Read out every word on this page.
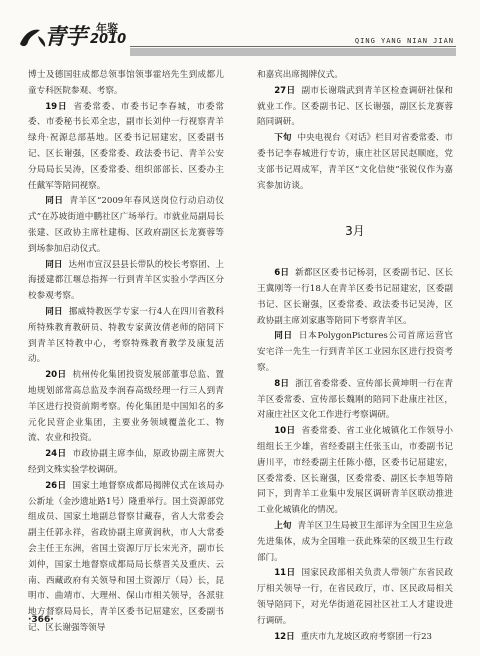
青芋 年鉴
2010	QING YANG NIAN JIAN

博士及德国驻成都总领事馆领事霍培先生到成都儿童专科医院参观、考察。

19日 省委常委、市委书记李春城，市委常委、市委秘书长邓全忠，副市长刘仲一行视察青羊绿舟·祝源总部基地。区委书记屈建宏，区委副书记、区长谢强，区委常委、政法委书记、青羊公安分局局长吴涛，区委常委、组织部部长、区委办主任戴军等陪同视察。

同日 青羊区“2009年春风送岗位行动启动仪式”在苏坡街道中鹏社区广场举行。市就业局副局长张建、区政协主席杜建梅、区政府副区长龙赛蓉等到场参加启动仪式。

同日 达州市宣汉县县长带队的校长考察团、上海援建都江堰总指挥一行到青羊区实验小学西区分校参观考察。

同日 挪威特教医学专家一行4人在四川省教科所特殊教育教研员、特教专家黄汝倩老师的陪同下到青羊区特教中心，考察特殊教育教学及康复活动。

20日 杭州传化集团投资发展部董事总监、置地规划部常高总监及李润春高级经理一行三人到青羊区进行投资前期考察。传化集团是中国知名的多元化民营企业集团，主要业务领域覆盖化工、物流、农业和投资。

24日 市政协副主席李仙，原政协副主席贺大经到文殊实验学校调研。

26日 国家土地督察成都局揭牌仪式在该局办公新址（金沙遗址路1号）隆重举行。国土资源部党组成员、国家土地副总督察甘藏春，省人大常委会副主任郭永祥，省政协副主席黄润秋，市人大常委会主任王东洲，省国土资源厅厅长宋光齐，副市长刘仲，国家土地督察成都局局长蔡晋关及重庆、云南、西藏政府有关领导和国土资源厅（局）长，昆明市、曲靖市、大理州、保山市相关领导，各派驻地方督察局局长，青羊区委书记屈建宏，区委副书记、区长谢强等领导

和嘉宾出席揭牌仪式。

27日 副市长谢瑞武到青羊区检查调研社保和就业工作。区委副书记、区长谢强，副区长龙赛蓉陪同调研。

下旬 中央电视台《对话》栏目对省委常委、市委书记李春城进行专访，康庄社区居民赵顺庭，党支部书记周成军，青羊区“文化信使”张锐仪作为嘉宾参加访谈。

3月

6日 新都区区委书记杨羽，区委副书记、区长王冀刚等一行18人在青羊区委书记屈建宏，区委副书记、区长谢强，区委常委、政法委书记吴涛，区政协副主席刘家惠等陪同下考察青羊区。

同日 日本PolygonPictures公司首席运营官安宅洋一先生一行到青羊区工业园东区进行投资考察。

8日 浙江省委常委、宣传部长黄坤明一行在青羊区委常委、宣传部长魏刚的陪同下赴康庄社区，对康庄社区文化工作进行考察调研。

10日 省委常委、省工业化城镇化工作领导小组组长王少雄，省经委副主任张玉山，市委副书记唐川平，市经委副主任陈小德，区委书记屈建宏，区委常委、区长谢强，区委常委、副区长李旭等陪同下，到青羊工业集中发展区调研青羊区联动推进工业化城镇化的情况。

上旬 青羊区卫生局被卫生部评为全国卫生应急先进集体，成为全国唯一获此殊荣的区级卫生行政部门。

11日 国家民政部相关负责人带领广东省民政厅相关领导一行，在省民政厅，市、区民政局相关领导陪同下，对光华街道花园社区社工人才建设进行调研。

12日 重庆市九龙坡区政府考察团一行23

·366·
